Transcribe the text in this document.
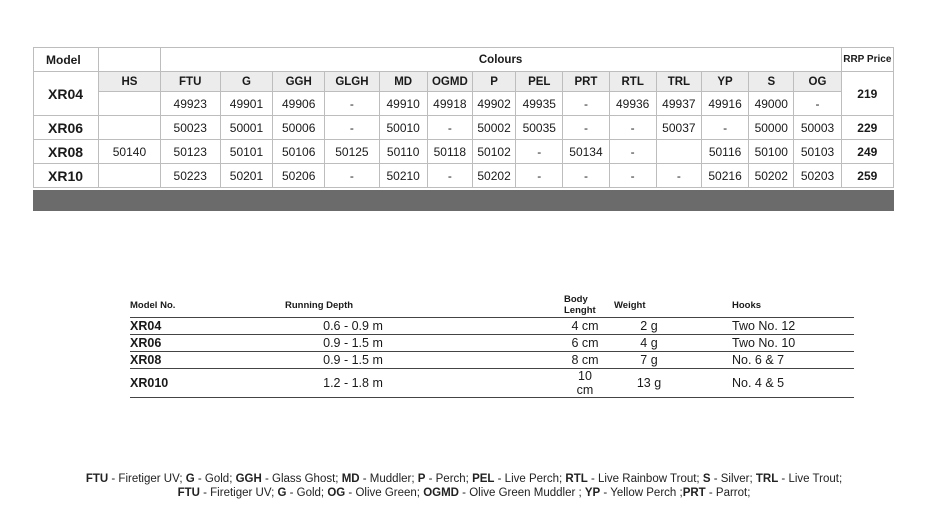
Model		Colours														RRP Price
XR04	HS	FTU	G	GGH	GLGH	MD	OGMD	P	PEL	PRT	RTL	TRL	YP	S	OG	219
		49923	49901	49906	-	49910	49918	49902	49935	-	49936	49937	49916	49000	-	
XR06		50023	50001	50006	-	50010	-	50002	50035	-	-	50037	-	50000	50003	229
XR08	50140	50123	50101	50106	50125	50110	50118	50102	-	50134	-		50116	50100	50103	249
XR10		50223	50201	50206	-	50210	-	50202	-	-	-	-	50216	50202	50203	259
Model No.	Running Depth	Body Lenght	Weight	Hooks
XR04	0.6 - 0.9 m	4 cm	2 g	Two No. 12
XR06	0.9 - 1.5 m	6 cm	4 g	Two No. 10
XR08	0.9 - 1.5 m	8 cm	7 g	No. 6 & 7
XR010	1.2 - 1.8 m	10 cm	13 g	No. 4 & 5
FTU - Firetiger UV; G - Gold; GGH - Glass Ghost; MD - Muddler; P - Perch; PEL - Live Perch; RTL - Live Rainbow Trout; S - Silver; TRL - Live Trout;
FTU - Firetiger UV; G - Gold; OG - Olive Green; OGMD - Olive Green Muddler ; YP - Yellow Perch ;PRT - Parrot;
